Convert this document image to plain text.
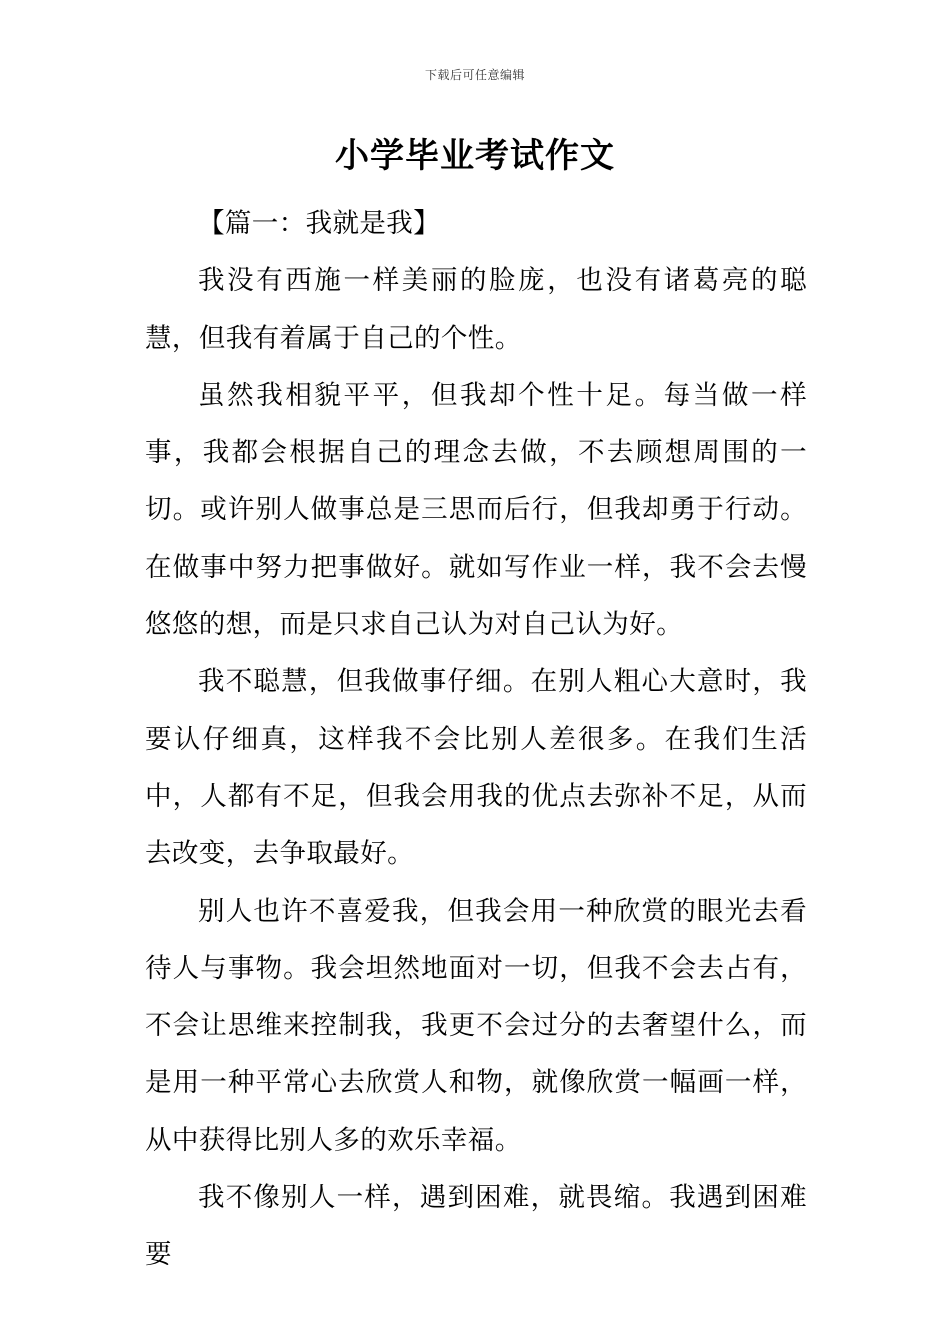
下载后可任意编辑
小学毕业考试作文

【篇一：我就是我】

我没有西施一样美丽的脸庞，也没有诸葛亮的聪慧，但我有着属于自己的个性。

虽然我相貌平平，但我却个性十足。每当做一样事，我都会根据自己的理念去做，不去顾想周围的一切。或许别人做事总是三思而后行，但我却勇于行动。在做事中努力把事做好。就如写作业一样，我不会去慢悠悠的想，而是只求自己认为对自己认为好。

我不聪慧，但我做事仔细。在别人粗心大意时，我要认仔细真，这样我不会比别人差很多。在我们生活中，人都有不足，但我会用我的优点去弥补不足，从而去改变，去争取最好。

别人也许不喜爱我，但我会用一种欣赏的眼光去看待人与事物。我会坦然地面对一切，但我不会去占有，不会让思维来控制我，我更不会过分的去奢望什么，而是用一种平常心去欣赏人和物，就像欣赏一幅画一样，从中获得比别人多的欢乐幸福。

我不像别人一样，遇到困难，就畏缩。我遇到困难要
